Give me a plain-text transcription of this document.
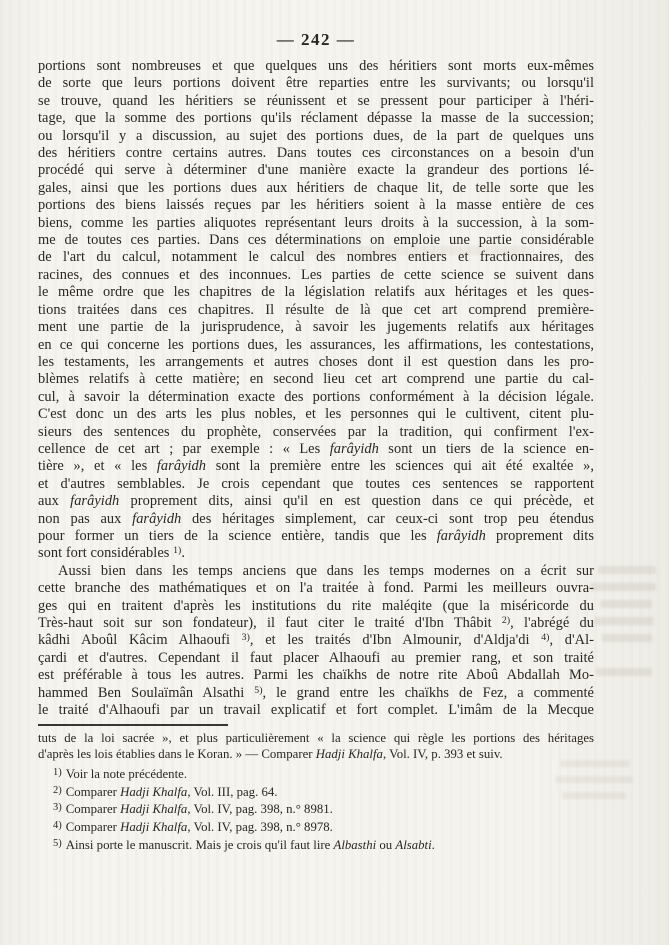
— 242 —
portions sont nombreuses et que quelques uns des héritiers sont morts eux-mêmes
de sorte que leurs portions doivent être reparties entre les survivants; ou lorsqu'il
se trouve, quand les héritiers se réunissent et se pressent pour participer à l'héri-
tage, que la somme des portions qu'ils réclament dépasse la masse de la succession;
ou lorsqu'il y a discussion, au sujet des portions dues, de la part de quelques uns
des héritiers contre certains autres. Dans toutes ces circonstances on a besoin d'un
procédé qui serve à déterminer d'une manière exacte la grandeur des portions lé-
gales, ainsi que les portions dues aux héritiers de chaque lit, de telle sorte que les
portions des biens laissés reçues par les héritiers soient à la masse entière de ces
biens, comme les parties aliquotes représentant leurs droits à la succession, à la som-
me de toutes ces parties. Dans ces déterminations on emploie une partie considérable
de l'art du calcul, notamment le calcul des nombres entiers et fractionnaires, des
racines, des connues et des inconnues. Les parties de cette science se suivent dans
le même ordre que les chapitres de la législation relatifs aux héritages et les ques-
tions traitées dans ces chapitres. Il résulte de là que cet art comprend première-
ment une partie de la jurisprudence, à savoir les jugements relatifs aux héritages
en ce qui concerne les portions dues, les assurances, les affirmations, les contestations,
les testaments, les arrangements et autres choses dont il est question dans les pro-
blèmes relatifs à cette matière; en second lieu cet art comprend une partie du cal-
cul, à savoir la détermination exacte des portions conformément à la décision légale.
C'est donc un des arts les plus nobles, et les personnes qui le cultivent, citent plu-
sieurs des sentences du prophète, conservées par la tradition, qui confirment l'ex-
cellence de cet art ; par exemple : « Les farâyidh sont un tiers de la science en-
tière », et « les farâyidh sont la première entre les sciences qui ait été exaltée »,
et d'autres semblables. Je crois cependant que toutes ces sentences se rapportent
aux farâyidh proprement dits, ainsi qu'il en est question dans ce qui précède, et
non pas aux farâyidh des héritages simplement, car ceux-ci sont trop peu étendus
pour former un tiers de la science entière, tandis que les farâyidh proprement dits
sont fort considérables $^{1)}$.
Aussi bien dans les temps anciens que dans les temps modernes on a écrit sur
cette branche des mathématiques et on l'a traitée à fond. Parmi les meilleurs ouvra-
ges qui en traitent d'après les institutions du rite maléqite (que la miséricorde du
Très-haut soit sur son fondateur), il faut citer le traité d'Ibn Thâbit $^{2)}$, l'abrégé du
kâdhi Aboûl Kâcim Alhaoufi $^{3)}$, et les traités d'Ibn Almounir, d'Aldja'di $^{4)}$, d'Al-
çardi et d'autres. Cependant il faut placer Alhaoufi au premier rang, et son traité
est préférable à tous les autres. Parmi les chaïkhs de notre rite Aboû Abdallah Mo-
hammed Ben Soulaïmân Alsathi $^{5)}$, le grand entre les chaïkhs de Fez, a commenté
le traité d'Alhaoufi par un travail explicatif et fort complet. L'imâm de la Mecque
tuts de la loi sacrée », et plus particulièrement « la science qui règle les portions des héritages
d'après les lois établies dans le Koran. » — Comparer Hadji Khalfa, Vol. IV, p. 393 et suiv.
$^{1)}$ Voir la note précédente.
$^{2)}$ Comparer Hadji Khalfa, Vol. III, pag. 64.
$^{3)}$ Comparer Hadji Khalfa, Vol. IV, pag. 398, n.° 8981.
$^{4)}$ Comparer Hadji Khalfa, Vol. IV, pag. 398, n.° 8978.
$^{5)}$ Ainsi porte le manuscrit. Mais je crois qu'il faut lire Albasthi ou Alsabti.
